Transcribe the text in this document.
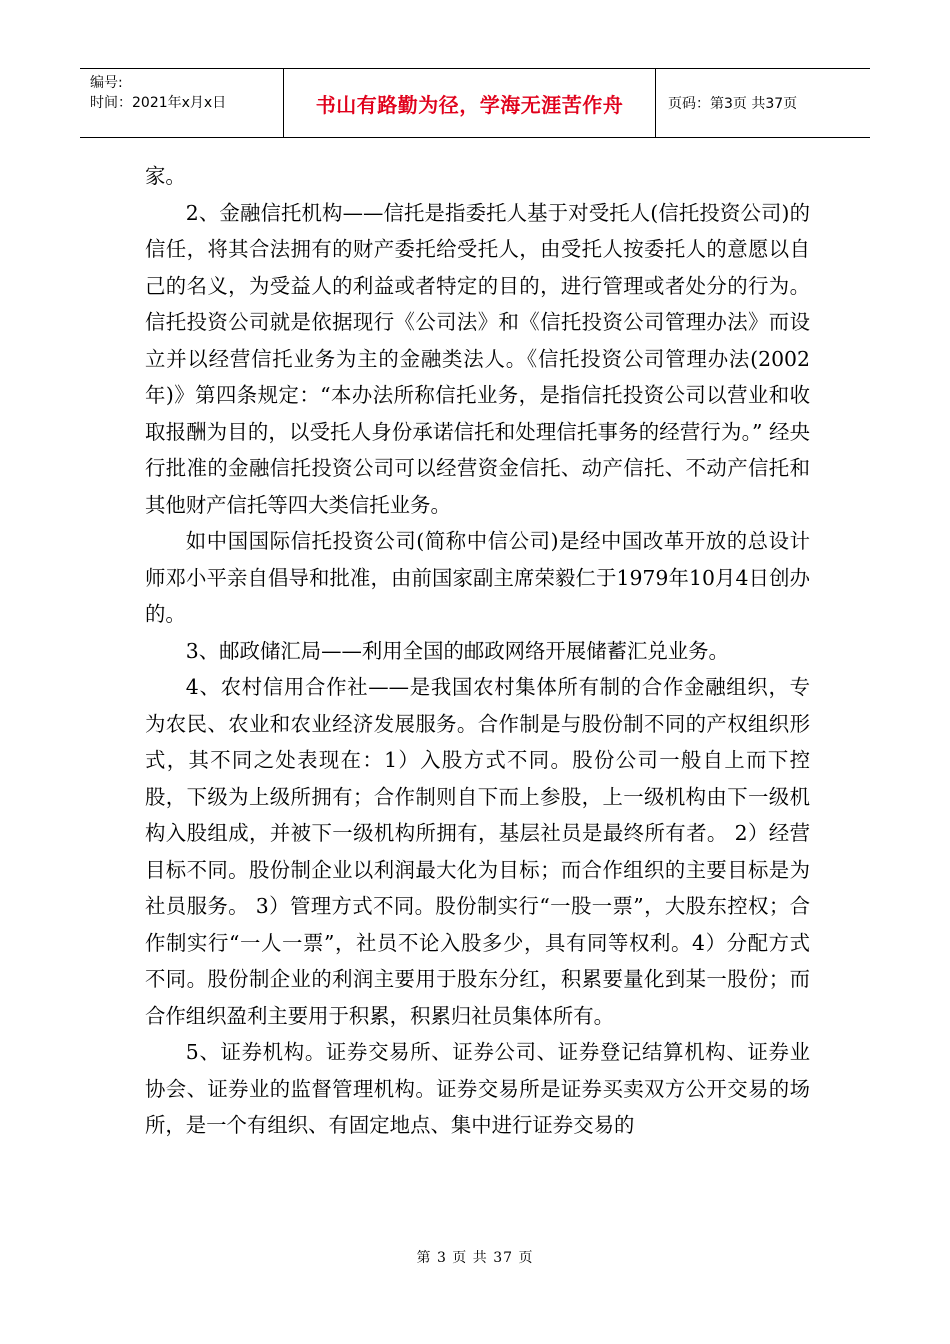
编号:
时间：2021年x月x日	书山有路勤为径，学海无涯苦作舟	页码：第3页 共37页

家。

2、金融信托机构——信托是指委托人基于对受托人(信托投资公司)的信任，将其合法拥有的财产委托给受托人，由受托人按委托人的意愿以自己的名义，为受益人的利益或者特定的目的，进行管理或者处分的行为。信托投资公司就是依据现行《公司法》和《信托投资公司管理办法》而设立并以经营信托业务为主的金融类法人。《信托投资公司管理办法(2002年)》第四条规定：“本办法所称信托业务，是指信托投资公司以营业和收取报酬为目的，以受托人身份承诺信托和处理信托事务的经营行为。” 经央行批准的金融信托投资公司可以经营资金信托、动产信托、不动产信托和其他财产信托等四大类信托业务。

如中国国际信托投资公司(简称中信公司)是经中国改革开放的总设计师邓小平亲自倡导和批准，由前国家副主席荣毅仁于1979年10月4日创办的。

3、邮政储汇局——利用全国的邮政网络开展储蓄汇兑业务。

4、农村信用合作社——是我国农村集体所有制的合作金融组织，专为农民、农业和农业经济发展服务。合作制是与股份制不同的产权组织形式，其不同之处表现在：1）入股方式不同。股份公司一般自上而下控股，下级为上级所拥有；合作制则自下而上参股，上一级机构由下一级机构入股组成，并被下一级机构所拥有，基层社员是最终所有者。 2）经营目标不同。股份制企业以利润最大化为目标；而合作组织的主要目标是为社员服务。 3）管理方式不同。股份制实行“一股一票”，大股东控权；合作制实行“一人一票”，社员不论入股多少，具有同等权利。4）分配方式不同。股份制企业的利润主要用于股东分红，积累要量化到某一股份；而合作组织盈利主要用于积累，积累归社员集体所有。

5、证券机构。证券交易所、证券公司、证券登记结算机构、证券业协会、证券业的监督管理机构。证券交易所是证券买卖双方公开交易的场所，是一个有组织、有固定地点、集中进行证券交易的

第 3 页 共 37 页
